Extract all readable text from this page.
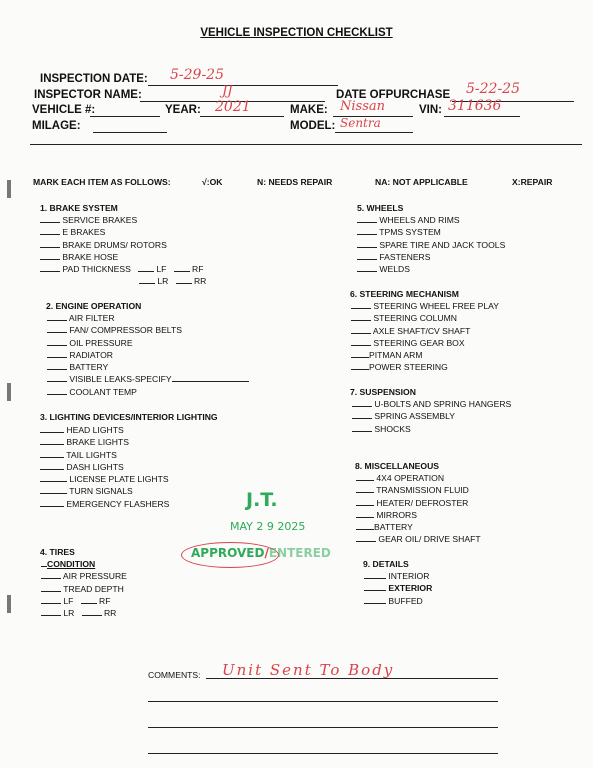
VEHICLE INSPECTION CHECKLIST
INSPECTION DATE: 5-29-25
INSPECTOR NAME:	JJ	DATE OFPURCHASE 5-22-25
VEHICLE #:	YEAR: 2021	MAKE: Nissan	VIN: 311636
MILAGE:	MODEL: Sentra
MARK EACH ITEM AS FOLLOWS:	√:OK	N: NEEDS REPAIR	NA: NOT APPLICABLE	X:REPAIR
1. BRAKE SYSTEM
SERVICE BRAKES
E BRAKES
BRAKE DRUMS/ ROTORS
BRAKE HOSE
PAD THICKNESS	LF	RF
LR	RR
2. ENGINE OPERATION
AIR FILTER
FAN/ COMPRESSOR BELTS
OIL PRESSURE
RADIATOR
BATTERY
VISIBLE LEAKS-SPECIFY
COOLANT TEMP
3. LIGHTING DEVICES/INTERIOR LIGHTING
HEAD LIGHTS
BRAKE LIGHTS
TAIL LIGHTS
DASH LIGHTS
LICENSE PLATE LIGHTS
TURN SIGNALS
EMERGENCY FLASHERS
4. TIRES
CONDITION
AIR PRESSURE
TREAD DEPTH
LF	RF
LR	RR
5. WHEELS
WHEELS AND RIMS
TPMS SYSTEM
SPARE TIRE AND JACK TOOLS
FASTENERS
WELDS
6. STEERING MECHANISM
STEERING WHEEL FREE PLAY
STEERING COLUMN
AXLE SHAFT/CV SHAFT
STEERING GEAR BOX
PITMAN ARM
POWER STEERING
7. SUSPENSION
U-BOLTS AND SPRING HANGERS
SPRING ASSEMBLY
SHOCKS
8. MISCELLANEOUS
4X4 OPERATION
TRANSMISSION FLUID
HEATER/ DEFROSTER
MIRRORS
BATTERY
GEAR OIL/ DRIVE SHAFT
9. DETAILS
INTERIOR
EXTERIOR
BUFFED
J.T.
MAY 2 9 2025
APPROVED/ENTERED
COMMENTS: Unit Sent To Body
